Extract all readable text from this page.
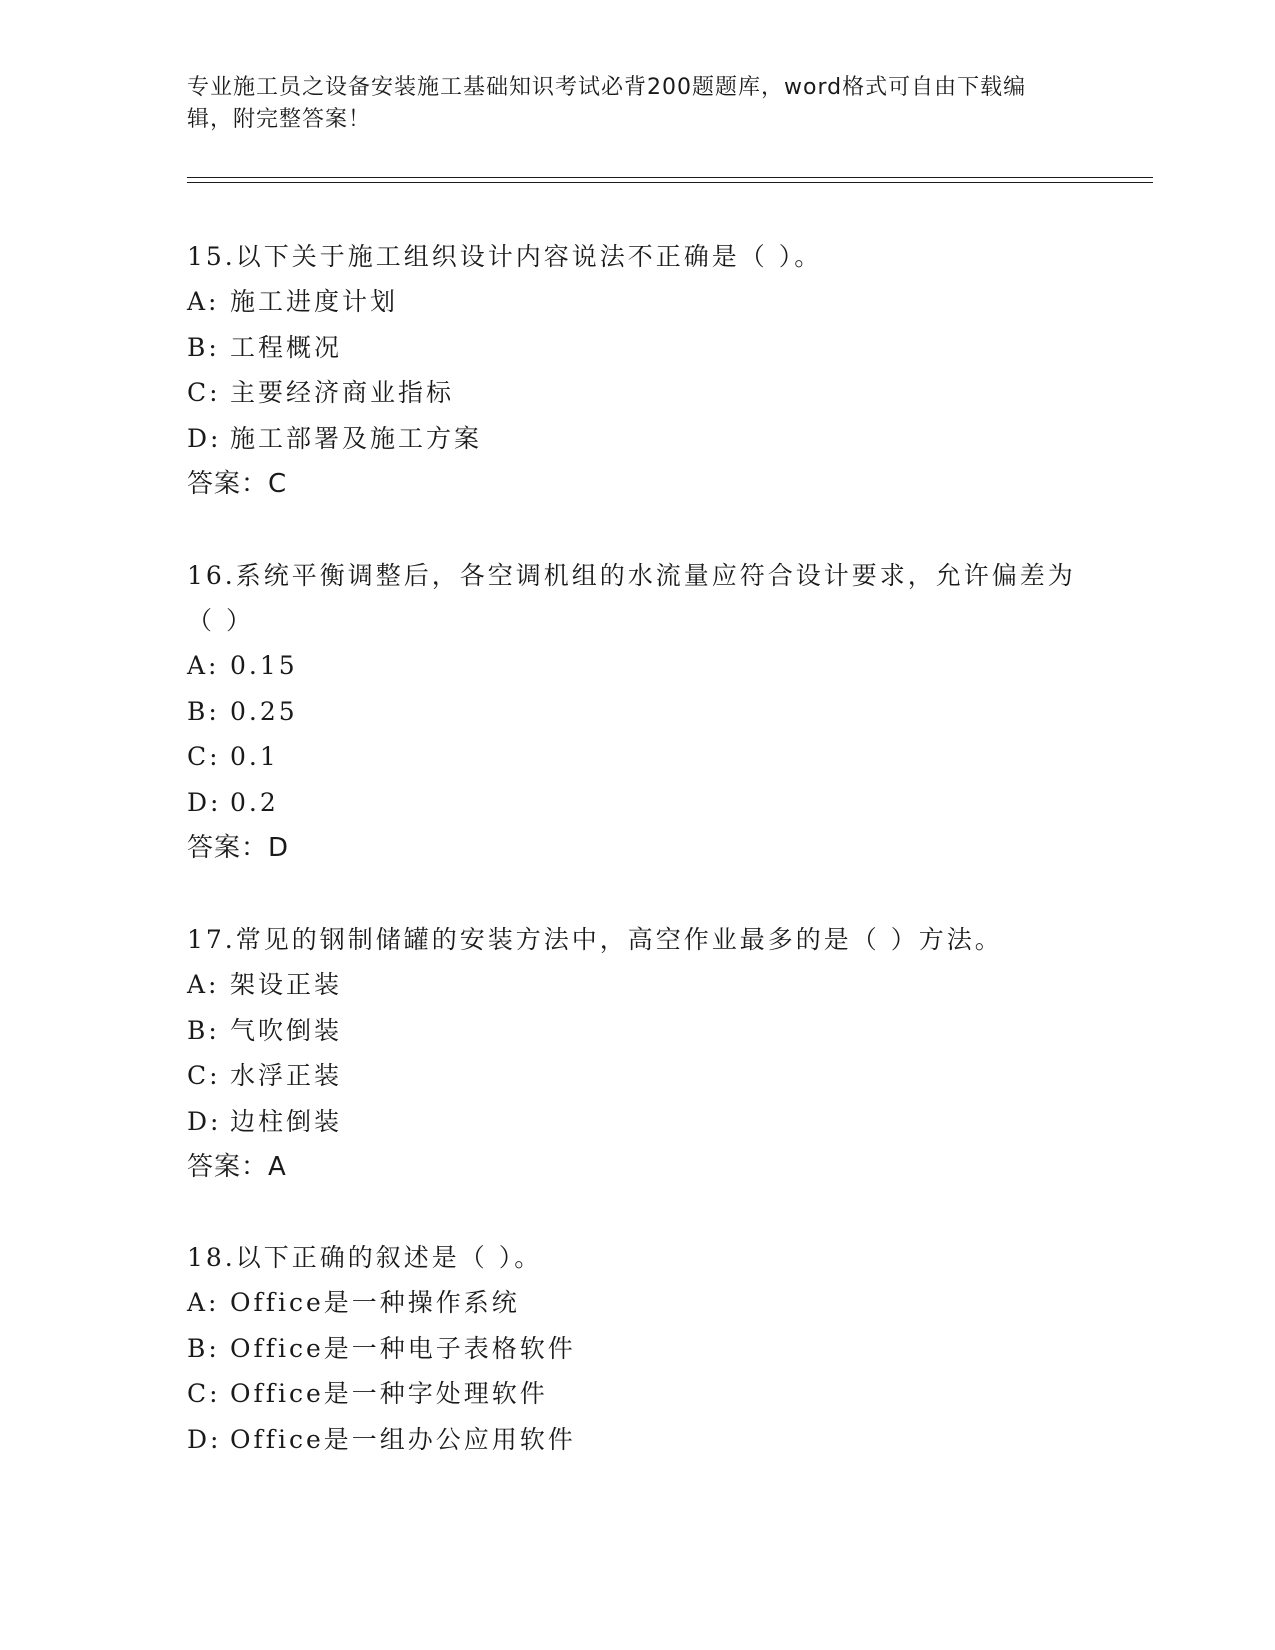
专业施工员之设备安装施工基础知识考试必背200题题库，word格式可自由下载编辑，附完整答案！
15.以下关于施工组织设计内容说法不正确是（ ）。
A: 施工进度计划
B: 工程概况
C: 主要经济商业指标
D: 施工部署及施工方案
答案：C
16.系统平衡调整后，各空调机组的水流量应符合设计要求，允许偏差为（ ）
A: 0.15
B: 0.25
C: 0.1
D: 0.2
答案：D
17.常见的钢制储罐的安装方法中，高空作业最多的是（ ）方法。
A: 架设正装
B: 气吹倒装
C: 水浮正装
D: 边柱倒装
答案：A
18.以下正确的叙述是（ ）。
A: Office是一种操作系统
B: Office是一种电子表格软件
C: Office是一种字处理软件
D: Office是一组办公应用软件
